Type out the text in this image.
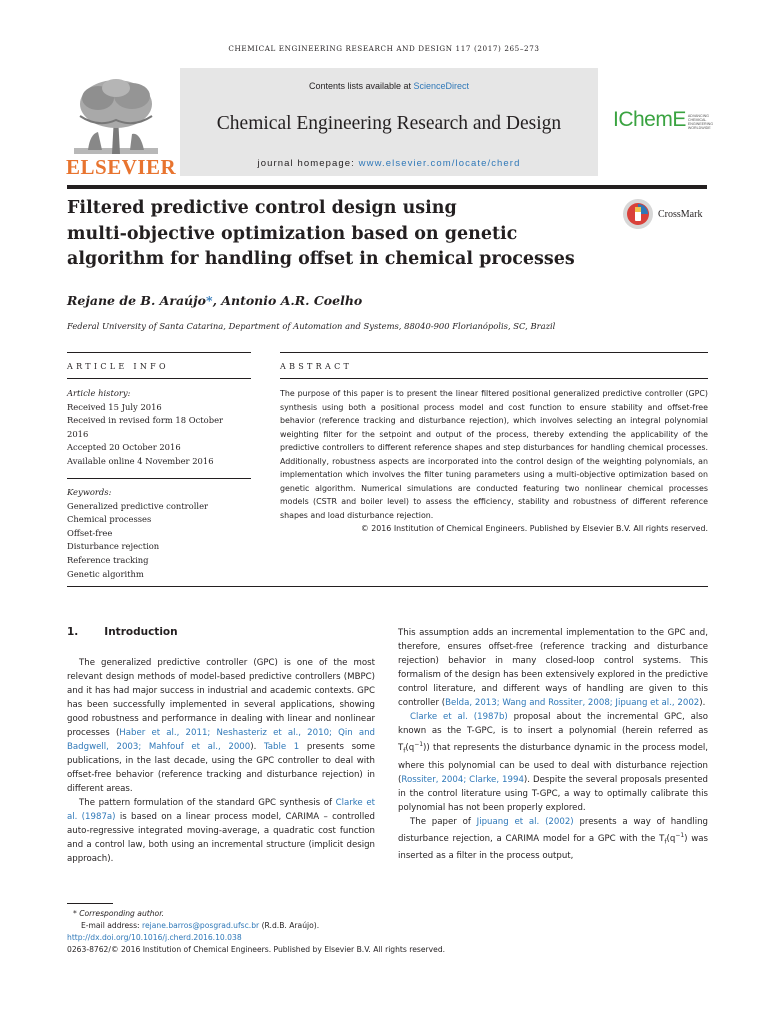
CHEMICAL ENGINEERING RESEARCH AND DESIGN 117 (2017) 265–273
ELSEVIER
Contents lists available at ScienceDirect
Chemical Engineering Research and Design
journal homepage: www.elsevier.com/locate/cherd
IChemE ADVANCING
CHEMICAL
ENGINEERING
WORLDWIDE
Filtered predictive control design using
multi-objective optimization based on genetic
algorithm for handling offset in chemical processes
CrossMark
Rejane de B. Araújo*, Antonio A.R. Coelho
Federal University of Santa Catarina, Department of Automation and Systems, 88040-900 Florianópolis, SC, Brazil
ARTICLE INFO
Article history:
Received 15 July 2016
Received in revised form 18 October
2016
Accepted 20 October 2016
Available online 4 November 2016
Keywords:
Generalized predictive controller
Chemical processes
Offset-free
Disturbance rejection
Reference tracking
Genetic algorithm
ABSTRACT
The purpose of this paper is to present the linear filtered positional generalized predictive controller (GPC) synthesis using both a positional process model and cost function to ensure stability and offset-free behavior (reference tracking and disturbance rejection), which involves selecting an integral polynomial weighting filter for the setpoint and output of the process, thereby extending the applicability of the predictive controllers to different reference shapes and step disturbances for handling chemical processes. Additionally, robustness aspects are incorporated into the control design of the weighting polynomials, an implementation which involves the filter tuning parameters using a multi-objective optimization based on genetic algorithm. Numerical simulations are conducted featuring two nonlinear chemical processes models (CSTR and boiler level) to assess the efficiency, stability and robustness of different reference shapes and load disturbance rejection.
© 2016 Institution of Chemical Engineers. Published by Elsevier B.V. All rights reserved.
1. Introduction

The generalized predictive controller (GPC) is one of the most relevant design methods of model-based predictive controllers (MBPC) and it has had major success in industrial and academic contexts. GPC has been successfully implemented in several applications, showing good robustness and performance in dealing with linear and nonlinear processes (Haber et al., 2011; Neshasteriz et al., 2010; Qin and Badgwell, 2003; Mahfouf et al., 2000). Table 1 presents some publications, in the last decade, using the GPC controller to deal with offset-free behavior (reference tracking and disturbance rejection) in different areas.

The pattern formulation of the standard GPC synthesis of Clarke et al. (1987a) is based on a linear process model, CARIMA – controlled auto-regressive integrated moving-average, a quadratic cost function and a control law, both using an incremental structure (implicit design approach).

This assumption adds an incremental implementation to the GPC and, therefore, ensures offset-free (reference tracking and disturbance rejection) behavior in many closed-loop control systems. This formalism of the design has been extensively explored in the predictive control literature, and different ways of handling are given to this controller (Belda, 2013; Wang and Rossiter, 2008; Jipuang et al., 2002).

Clarke et al. (1987b) proposal about the incremental GPC, also known as the T-GPC, is to insert a polynomial (herein referred as $T_f(q^{-1})$) that represents the disturbance dynamic in the process model, where this polynomial can be used to deal with disturbance rejection (Rossiter, 2004; Clarke, 1994). Despite the several proposals presented in the control literature using T-GPC, a way to optimally calibrate this polynomial has not been properly explored.

The paper of Jipuang et al. (2002) presents a way of handling disturbance rejection, a CARIMA model for a GPC with the $T_f(q^{-1})$ was inserted as a filter in the process output,

* Corresponding author.
E-mail address: rejane.barros@posgrad.ufsc.br (R.d.B. Araújo).
http://dx.doi.org/10.1016/j.cherd.2016.10.038
0263-8762/© 2016 Institution of Chemical Engineers. Published by Elsevier B.V. All rights reserved.
